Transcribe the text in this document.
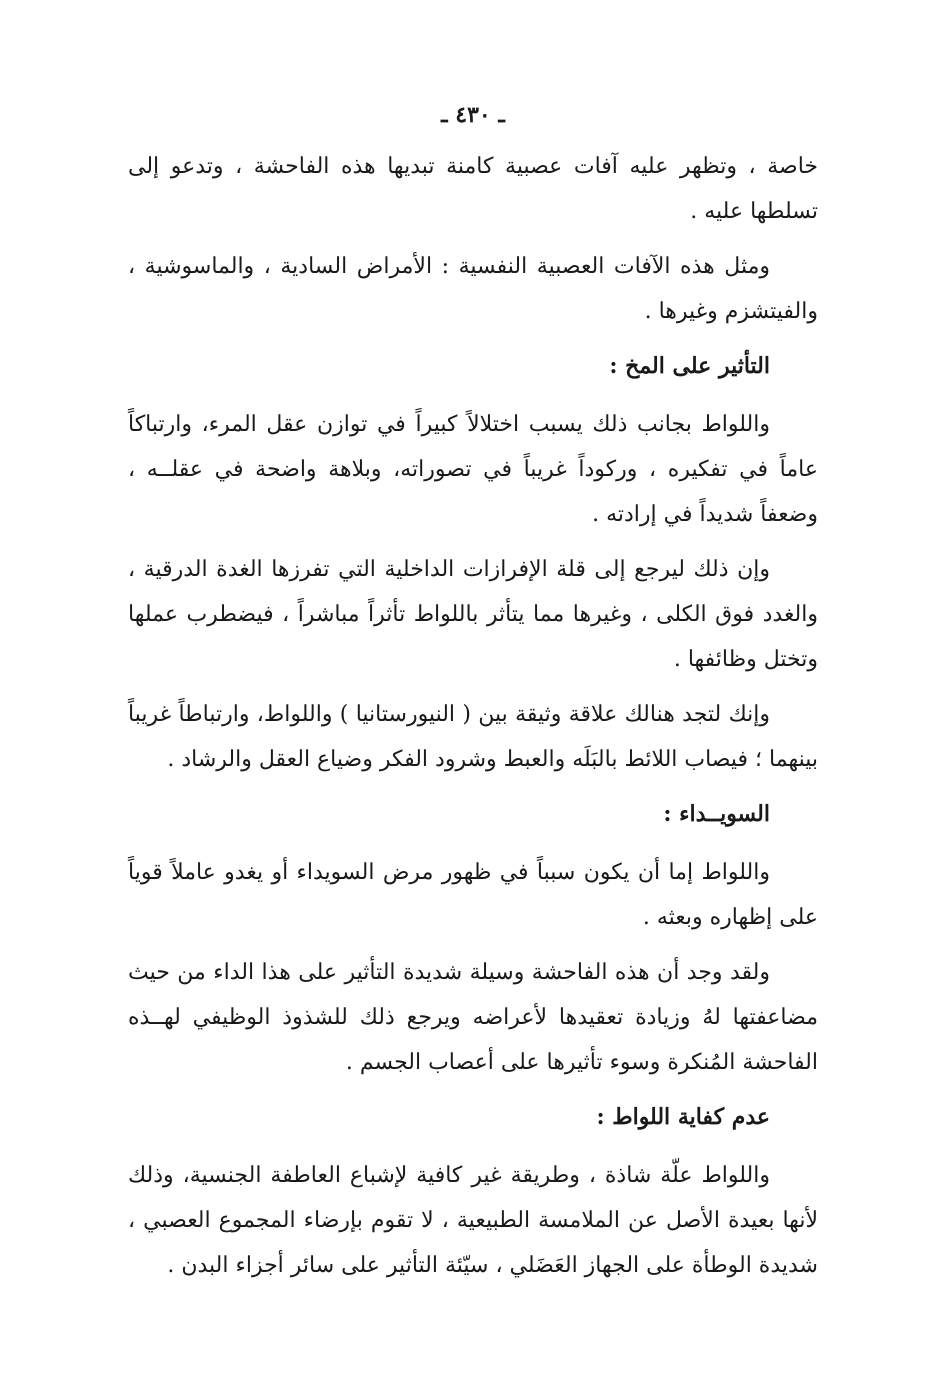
ـ ٤٣٠ ـ

خاصة ، وتظهر عليه آفات عصبية كامنة تبديها هذه الفاحشة ، وتدعو إلى تسلطها عليه .

ومثل هذه الآفات العصبية النفسية : الأمراض السادية ، والماسوشية ، والفيتشزم وغيرها .

التأثير على المخ :

واللواط بجانب ذلك يسبب اختلالاً كبيراً في توازن عقل المرء، وارتباكاً عاماً في تفكيره ، وركوداً غريباً في تصوراته، وبلاهة واضحة في عقلــه ، وضعفاً شديداً في إرادته .

وإن ذلك ليرجع إلى قلة الإفرازات الداخلية التي تفرزها الغدة الدرقية ، والغدد فوق الكلى ، وغيرها مما يتأثر باللواط تأثراً مباشراً ، فيضطرب عملها وتختل وظائفها .

وإنك لتجد هنالك علاقة وثيقة بين ( النيورستانيا ) واللواط، وارتباطاً غريباً بينهما ؛ فيصاب اللائط بالبَلَه والعبط وشرود الفكر وضياع العقل والرشاد .

السويــداء :

واللواط إما أن يكون سبباً في ظهور مرض السويداء أو يغدو عاملاً قوياً على إظهاره وبعثه .

ولقد وجد أن هذه الفاحشة وسيلة شديدة التأثير على هذا الداء من حيث مضاعفتها لهُ وزيادة تعقيدها لأعراضه ويرجع ذلك للشذوذ الوظيفي لهــذه الفاحشة المُنكرة وسوء تأثيرها على أعصاب الجسم .

عدم كفاية اللواط :

واللواط علّة شاذة ، وطريقة غير كافية لإشباع العاطفة الجنسية، وذلك لأنها بعيدة الأصل عن الملامسة الطبيعية ، لا تقوم بإرضاء المجموع العصبي ، شديدة الوطأة على الجهاز العَضَلي ، سيّئة التأثير على سائر أجزاء البدن .
